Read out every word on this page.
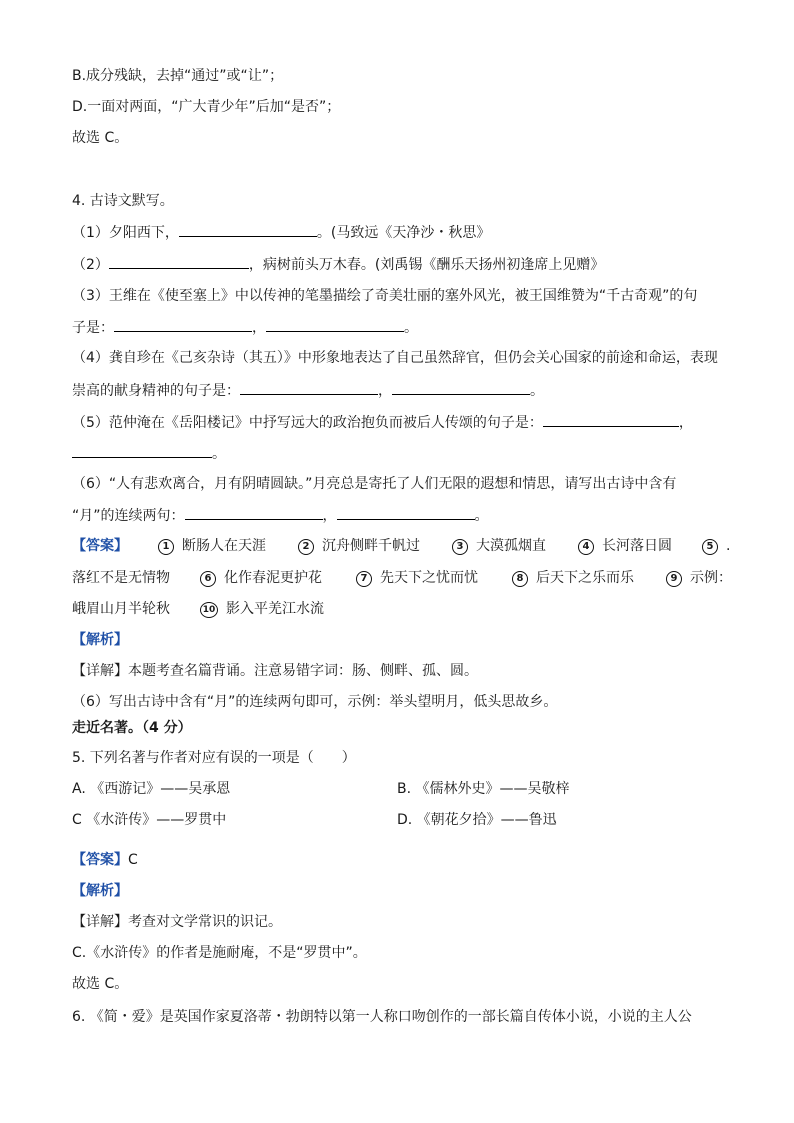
B.成分残缺，去掉“通过”或“让”；
D.一面对两面，“广大青少年”后加“是否”；
故选 C。
4. 古诗文默写。
（1）夕阳西下，	。(马致远《天净沙・秋思》
（2）	，病树前头万木春。(刘禹锡《酬乐天扬州初逢席上见赠》
（3）王维在《使至塞上》中以传神的笔墨描绘了奇美壮丽的塞外风光，被王国维赞为“千古奇观”的句
子是：	，	。
（4）龚自珍在《己亥杂诗（其五）》中形象地表达了自己虽然辞官，但仍会关心国家的前途和命运，表现
崇高的献身精神的句子是：	，	。
（5）范仲淹在《岳阳楼记》中抒写远大的政治抱负而被后人传颂的句子是：	，
。
（6）“人有悲欢离合，月有阴晴圆缺。”月亮总是寄托了人们无限的遐想和情思，请写出古诗中含有
“月”的连续两句：	，	。
【答案】	1 断肠人在天涯	2 沉舟侧畔千帆过	3 大漠孤烟直	4 长河落日圆	5 .
落红不是无情物	6 化作春泥更护花	7 先天下之忧而忧	8 后天下之乐而乐	9 示例：
峨眉山月半轮秋	10 影入平羌江水流
【解析】
【详解】本题考查名篇背诵。注意易错字词：肠、侧畔、孤、圆。
（6）写出古诗中含有“月”的连续两句即可，示例：举头望明月，低头思故乡。
走近名著。（4 分）
5. 下列名著与作者对应有误的一项是（　　）
A. 《西游记》——吴承恩	B. 《儒林外史》——吴敬梓
C 《水浒传》——罗贯中	D. 《朝花夕拾》——鲁迅
【答案】C
【解析】
【详解】考查对文学常识的识记。
C.《水浒传》的作者是施耐庵，不是“罗贯中”。
故选 C。
6. 《简・爱》是英国作家夏洛蒂・勃朗特以第一人称口吻创作的一部长篇自传体小说，小说的主人公
